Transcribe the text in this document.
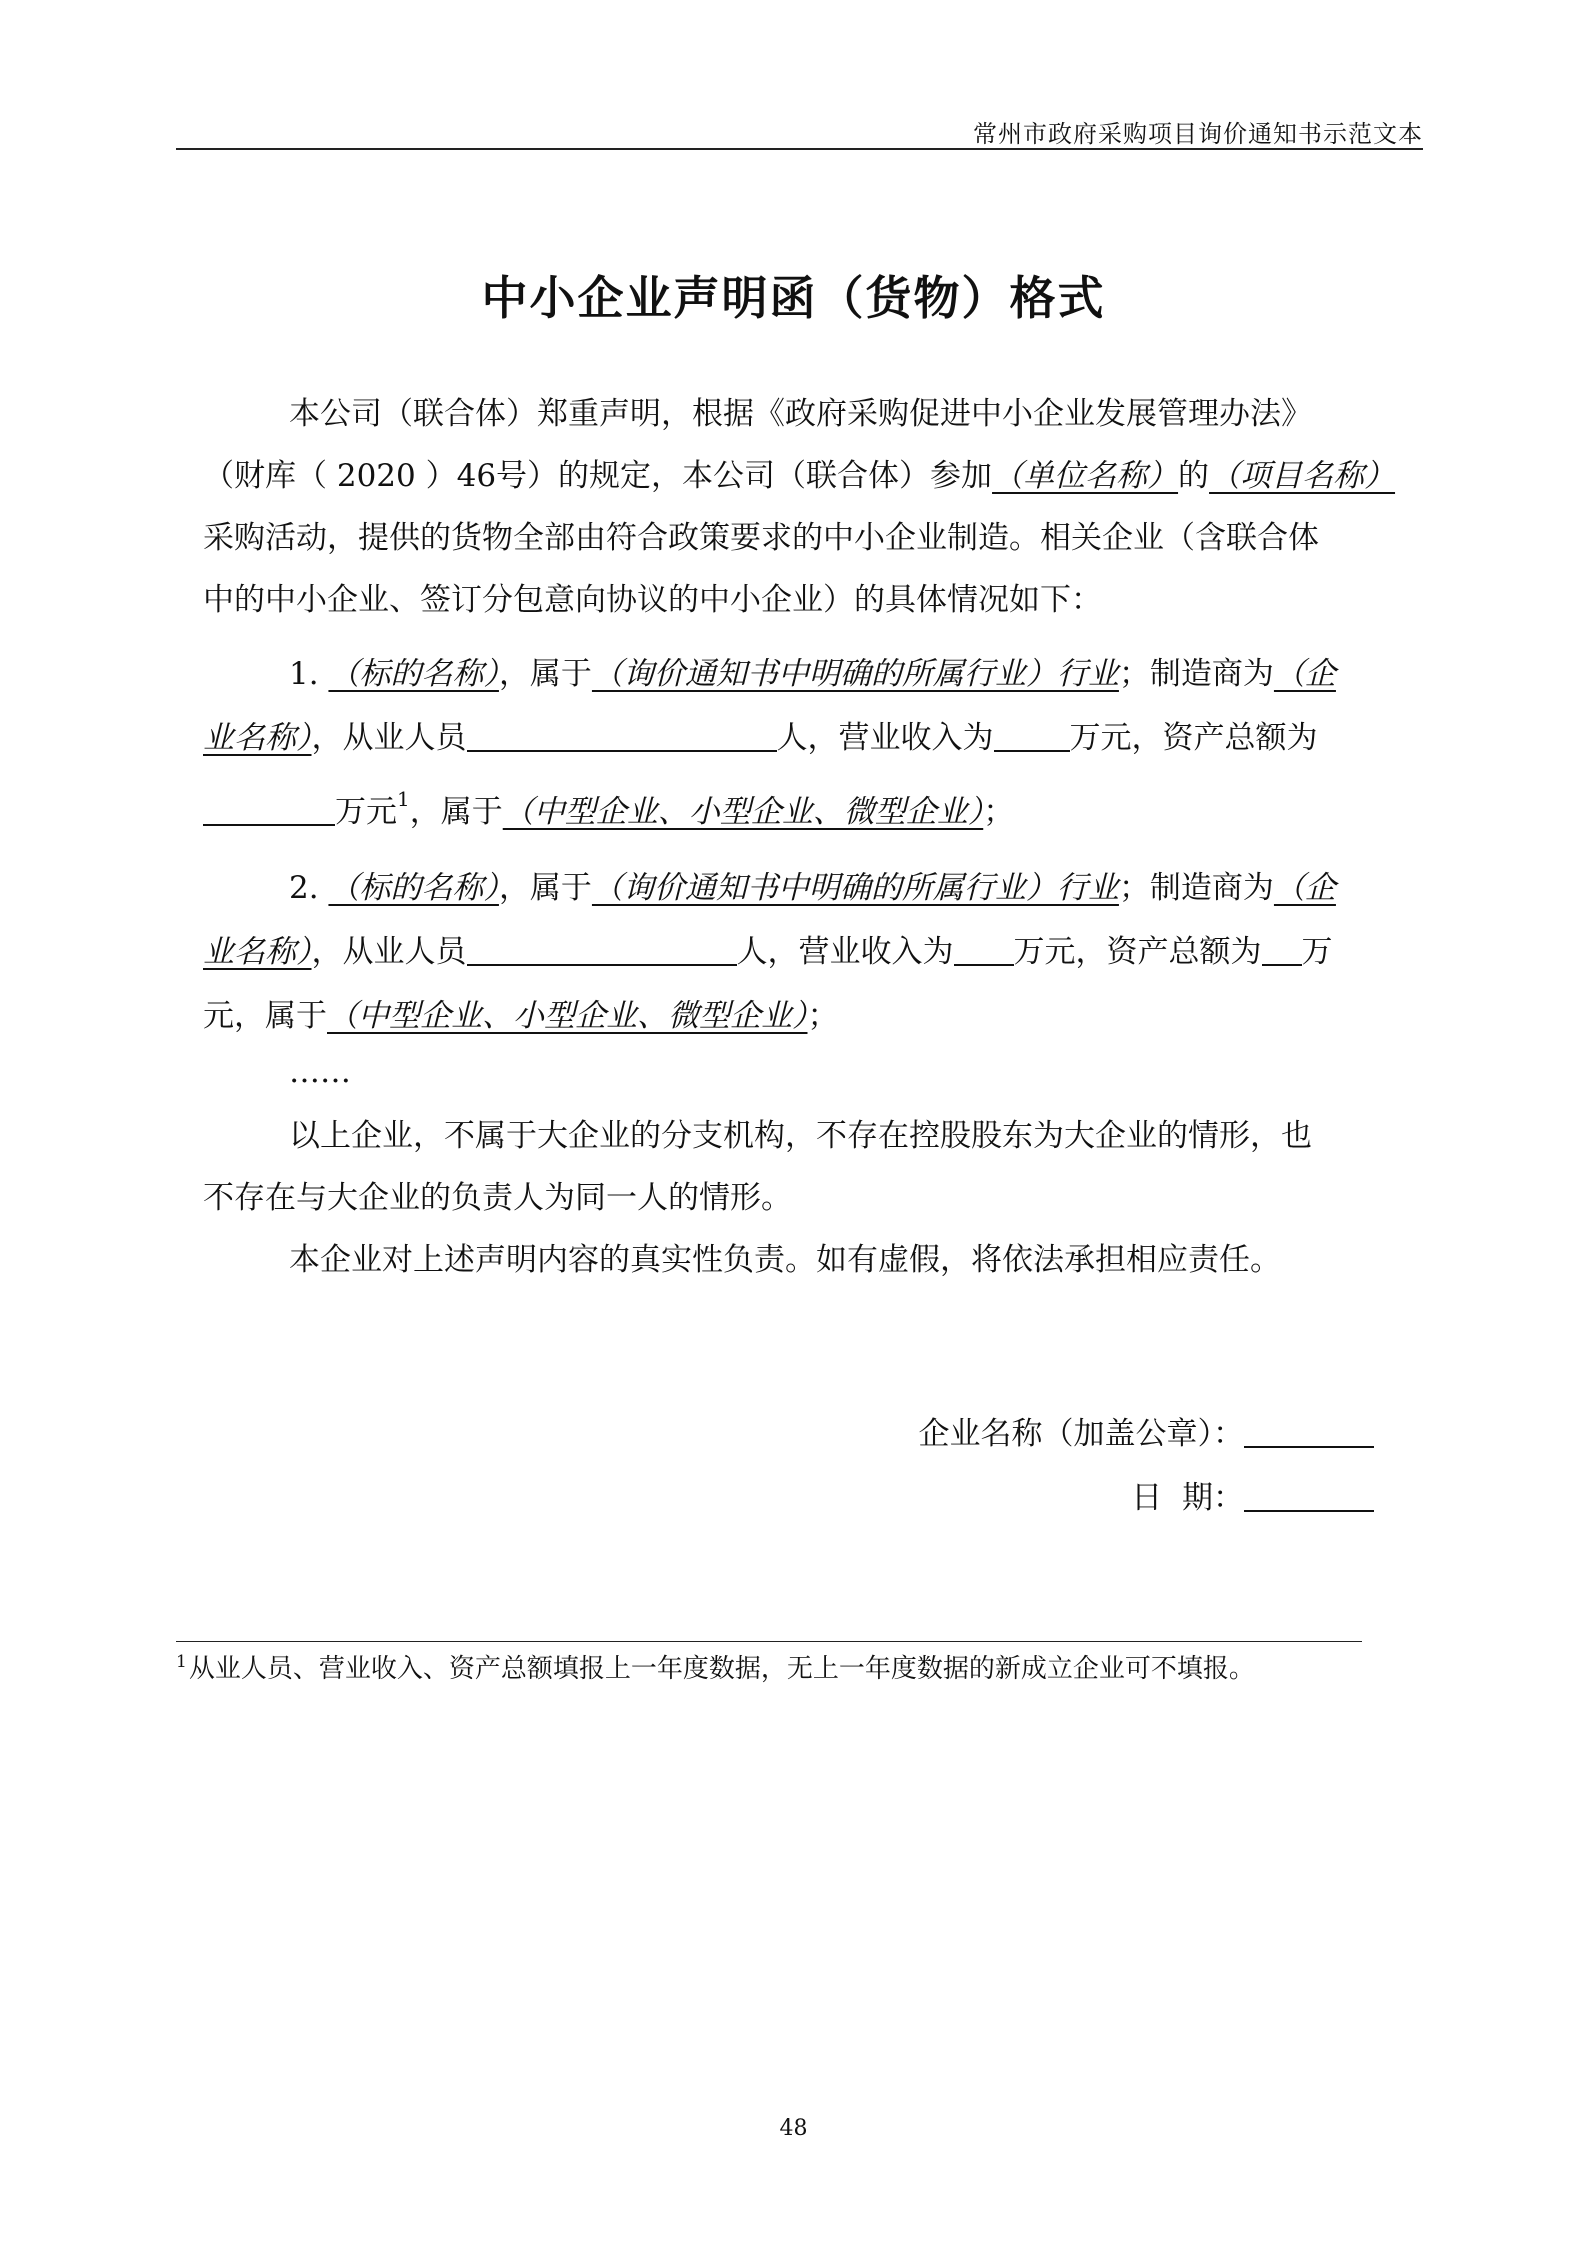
常州市政府采购项目询价通知书示范文本
中小企业声明函（货物）格式
本公司（联合体）郑重声明，根据《政府采购促进中小企业发展管理办法》
（财库（ 2020 ）46号）的规定，本公司（联合体）参加（单位名称）的（项目名称）
采购活动，提供的货物全部由符合政策要求的中小企业制造。相关企业（含联合体
中的中小企业、签订分包意向协议的中小企业）的具体情况如下：
1. （标的名称），属于（询价通知书中明确的所属行业）行业；制造商为（企
业名称），从业人员	人，营业收入为 万元，资产总额为
万元$^1$，属于（中型企业、小型企业、微型企业）；
2. （标的名称），属于（询价通知书中明确的所属行业）行业；制造商为（企
业名称），从业人员	人，营业收入为 万元，资产总额为 万
元，属于（中型企业、小型企业、微型企业）；
……
以上企业，不属于大企业的分支机构，不存在控股股东为大企业的情形，也
不存在与大企业的负责人为同一人的情形。
本企业对上述声明内容的真实性负责。如有虚假，将依法承担相应责任。
企业名称（加盖公章）：
日  期：
$^1$从业人员、营业收入、资产总额填报上一年度数据，无上一年度数据的新成立企业可不填报。
48
